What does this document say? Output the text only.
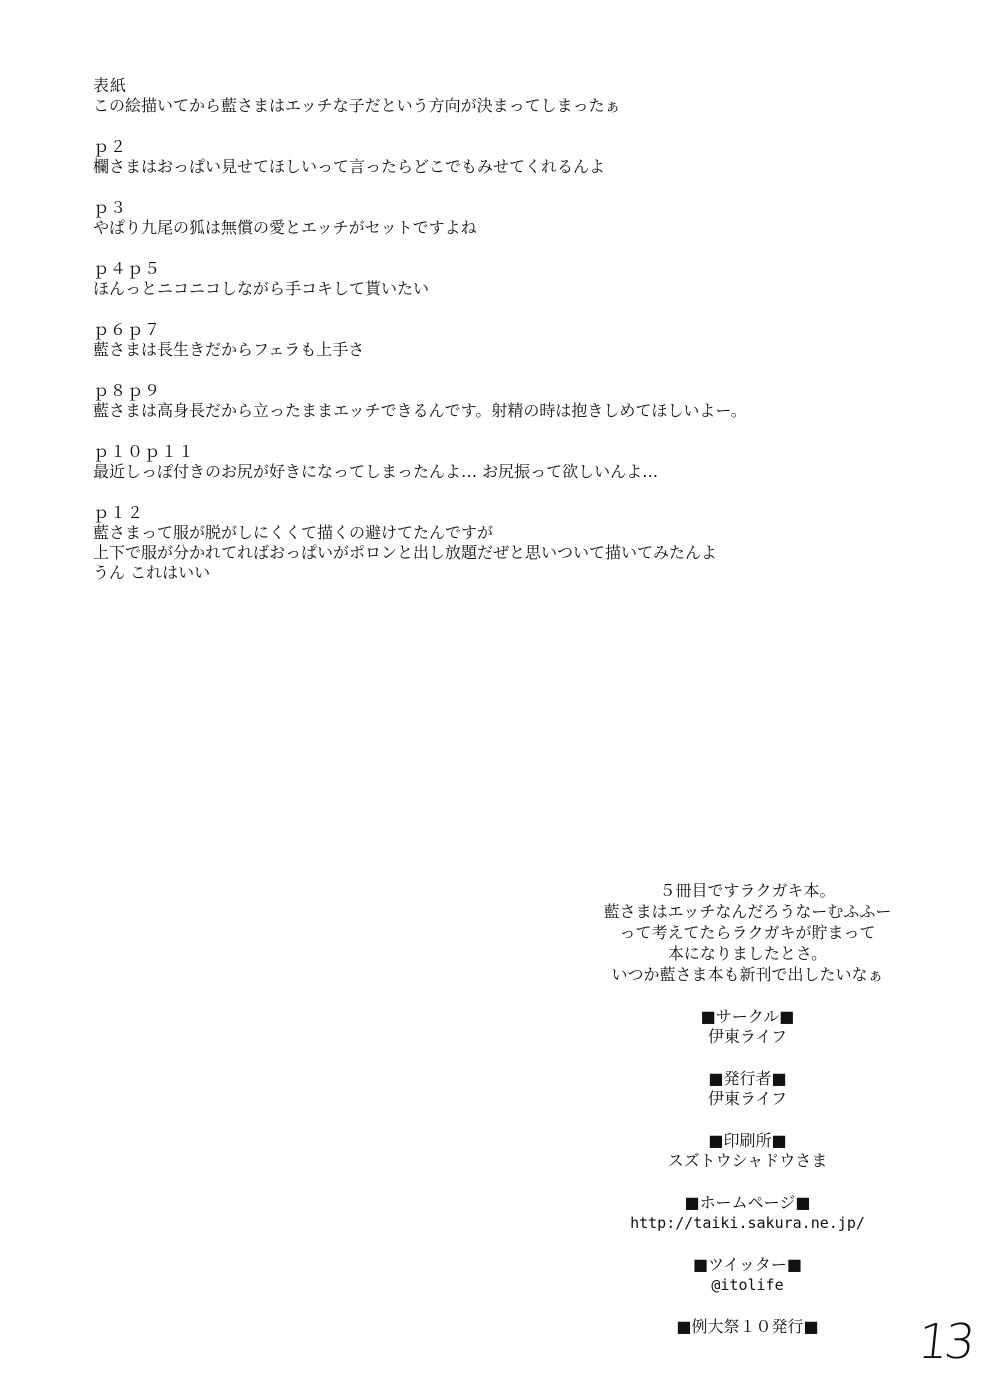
表紙
この絵描いてから藍さまはエッチな子だという方向が決まってしまったぁ
ｐ２
欄さまはおっぱい見せてほしいって言ったらどこでもみせてくれるんよ
ｐ３
やぱり九尾の狐は無償の愛とエッチがセットですよね
ｐ４ｐ５
ほんっとニコニコしながら手コキして貰いたい
ｐ６ｐ７
藍さまは長生きだからフェラも上手さ
ｐ８ｐ９
藍さまは高身長だから立ったままエッチできるんです。射精の時は抱きしめてほしいよー。
ｐ１０ｐ１１
最近しっぽ付きのお尻が好きになってしまったんよ… お尻振って欲しいんよ…
ｐ１２
藍さまって服が脱がしにくくて描くの避けてたんですが
上下で服が分かれてればおっぱいがポロンと出し放題だぜと思いついて描いてみたんよ
うん これはいい
５冊目ですラクガキ本。
藍さまはエッチなんだろうなーむふふー
って考えてたらラクガキが貯まって
本になりましたとさ。
いつか藍さま本も新刊で出したいなぁ
■サークル■
伊東ライフ
■発行者■
伊東ライフ
■印刷所■
スズトウシャドウさま
■ホームページ■
http://taiki.sakura.ne.jp/
■ツイッター■
@itolife
■例大祭１０発行■	13
